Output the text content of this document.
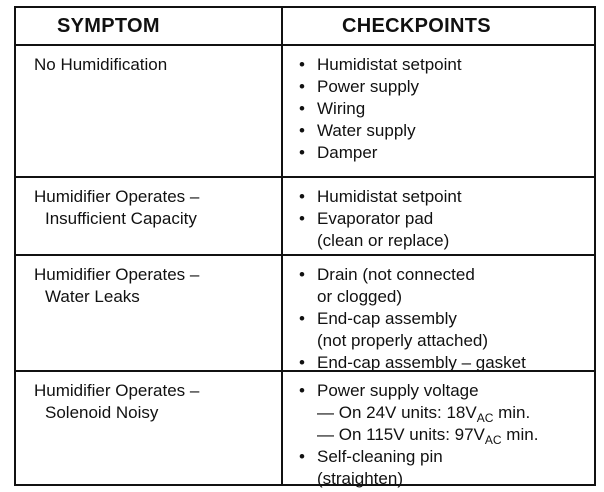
SYMPTOM	CHECKPOINTS
No Humidification	• Humidistat setpoint
• Power supply
• Wiring
• Water supply
• Damper
Humidifier Operates –
Insufficient Capacity
• Humidistat setpoint
• Evaporator pad
(clean or replace)
Humidifier Operates –
Water Leaks
• Drain (not connected
or clogged)
• End-cap assembly
(not properly attached)
• End-cap assembly – gasket
Humidifier Operates –
Solenoid Noisy
• Power supply voltage
— On 24V units: $18V_{AC}$ min.
— On 115V units: $97V_{AC}$ min.
• Self-cleaning pin
(straighten)
